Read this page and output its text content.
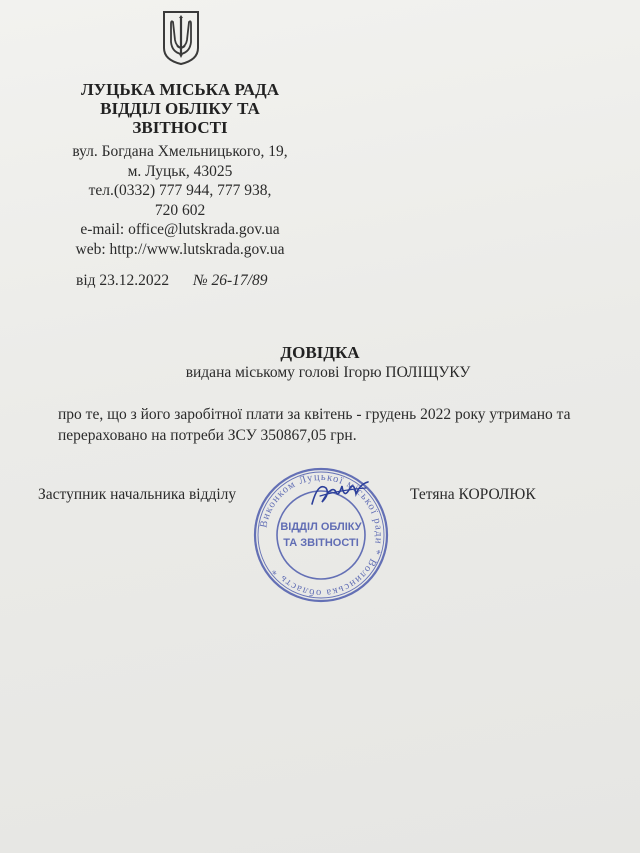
ЛУЦЬКА МІСЬКА РАДА
ВІДДІЛ ОБЛІКУ ТА
ЗВІТНОСТІ
вул. Богдана Хмельницького, 19,
м. Луцьк, 43025
тел.(0332) 777 944, 777 938,
720 602
e-mail: office@lutskrada.gov.ua
web: http://www.lutskrada.gov.ua
від 23.12.2022 № 26-17/89
ДОВІДКА
видана міському голові Ігорю ПОЛІЩУКУ
про те, що з його заробітної плати за квітень - грудень 2022 року утримано та перераховано на потреби ЗСУ 350867,05 грн.
Заступник начальника відділу	Тетяна КОРОЛЮК
Виконком Луцької міської ради * Волинська область *
ВІДДІЛ ОБЛІКУ
ТА ЗВІТНОСТІ
